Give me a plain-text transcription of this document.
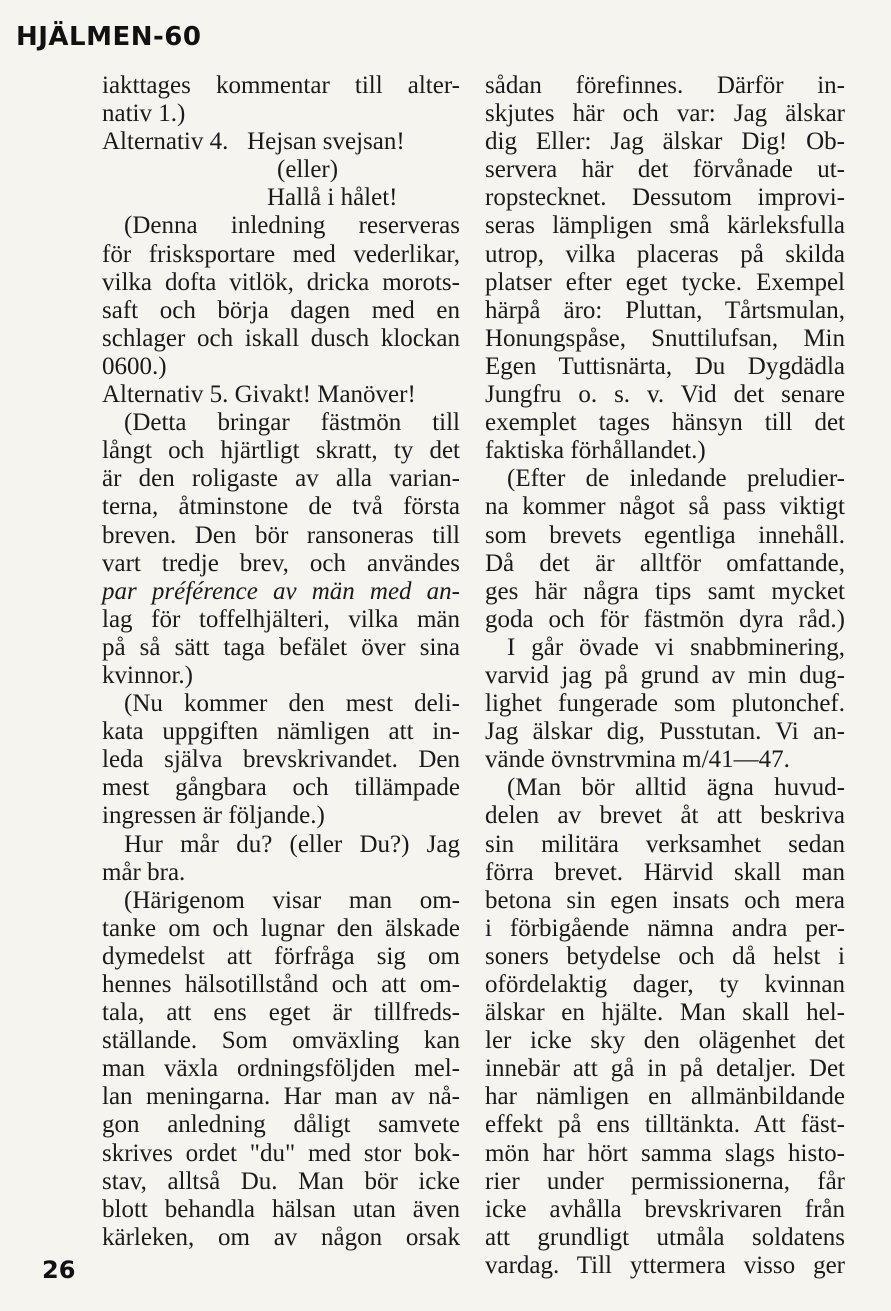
HJÄLMEN-60
iakttages kommentar till alter-
nativ 1.)
Alternativ 4.   Hejsan svejsan!
(eller)
Hallå i hålet!
(Denna inledning reserveras
för frisksportare med vederlikar,
vilka dofta vitlök, dricka morots-
saft och börja dagen med en
schlager och iskall dusch klockan
0600.)
Alternativ 5. Givakt! Manöver!
(Detta bringar fästmön till
långt och hjärtligt skratt, ty det
är den roligaste av alla varian-
terna, åtminstone de två första
breven. Den bör ransoneras till
vart tredje brev, och användes
par préférence av män med an-
lag för toffelhjälteri, vilka män
på så sätt taga befälet över sina
kvinnor.)
(Nu kommer den mest deli-
kata uppgiften nämligen att in-
leda själva brevskrivandet. Den
mest gångbara och tillämpade
ingressen är följande.)
Hur mår du? (eller Du?) Jag
mår bra.
(Härigenom visar man om-
tanke om och lugnar den älskade
dymedelst att förfråga sig om
hennes hälsotillstånd och att om-
tala, att ens eget är tillfreds-
ställande. Som omväxling kan
man växla ordningsföljden mel-
lan meningarna. Har man av nå-
gon anledning dåligt samvete
skrives ordet "du" med stor bok-
stav, alltså Du. Man bör icke
blott behandla hälsan utan även
kärleken, om av någon orsak
sådan förefinnes. Därför in-
skjutes här och var: Jag älskar
dig Eller: Jag älskar Dig! Ob-
servera här det förvånade ut-
ropstecknet. Dessutom improvi-
seras lämpligen små kärleksfulla
utrop, vilka placeras på skilda
platser efter eget tycke. Exempel
härpå äro: Pluttan, Tårtsmulan,
Honungspåse, Snuttilufsan, Min
Egen Tuttisnärta, Du Dygdädla
Jungfru o. s. v. Vid det senare
exemplet tages hänsyn till det
faktiska förhållandet.)
(Efter de inledande preludier-
na kommer något så pass viktigt
som brevets egentliga innehåll.
Då det är alltför omfattande,
ges här några tips samt mycket
goda och för fästmön dyra råd.)
I går övade vi snabbminering,
varvid jag på grund av min dug-
lighet fungerade som plutonchef.
Jag älskar dig, Pusstutan. Vi an-
vände övnstrvmina m/41—47.
(Man bör alltid ägna huvud-
delen av brevet åt att beskriva
sin militära verksamhet sedan
förra brevet. Härvid skall man
betona sin egen insats och mera
i förbigående nämna andra per-
soners betydelse och då helst i
ofördelaktig dager, ty kvinnan
älskar en hjälte. Man skall hel-
ler icke sky den olägenhet det
innebär att gå in på detaljer. Det
har nämligen en allmänbildande
effekt på ens tilltänkta. Att fäst-
mön har hört samma slags histo-
rier under permissionerna, får
icke avhålla brevskrivaren från
att grundligt utmåla soldatens
vardag. Till yttermera visso ger
26
